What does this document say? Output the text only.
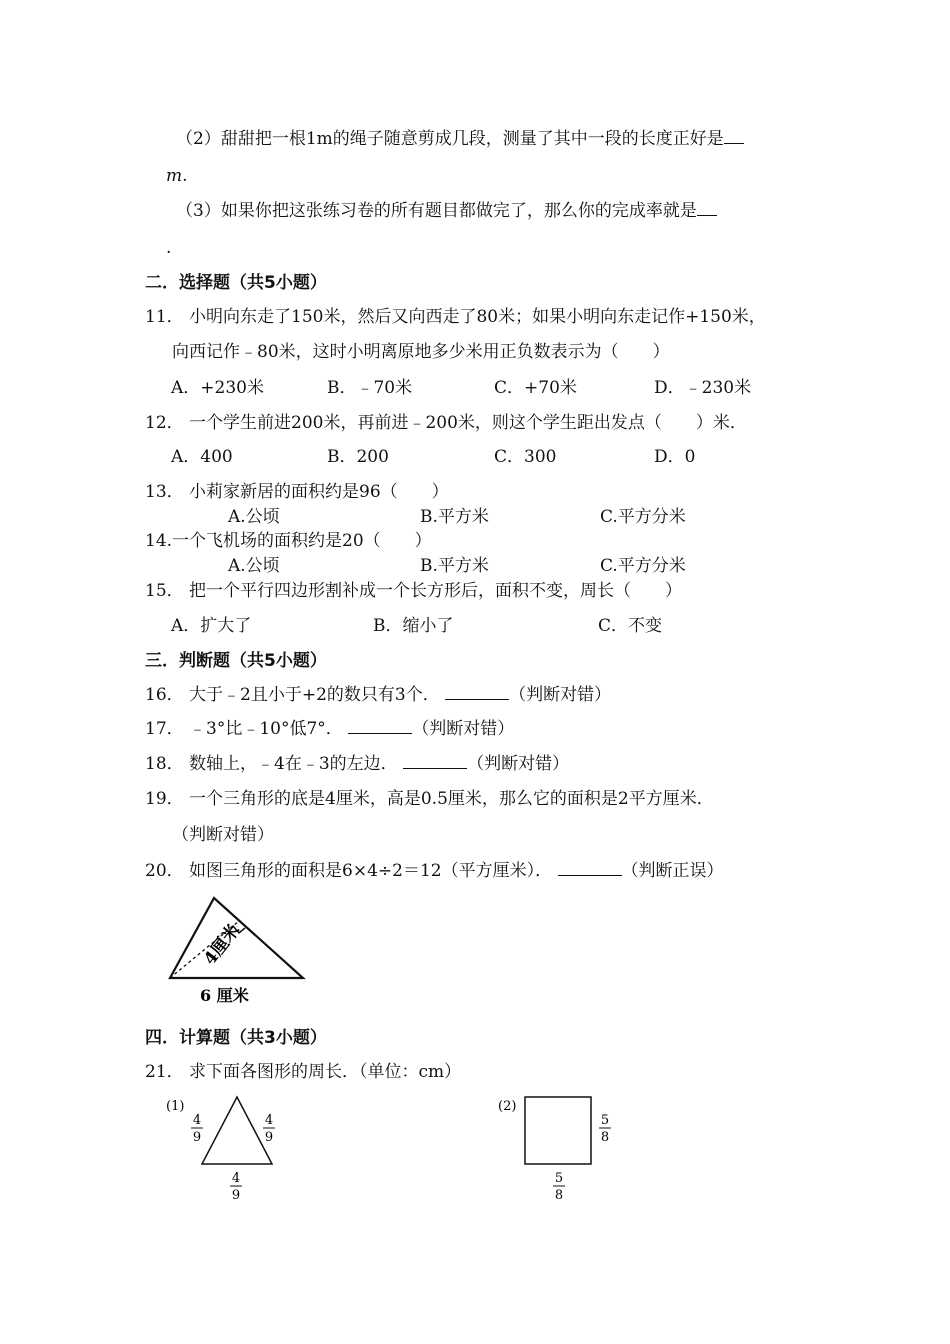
（2）甜甜把一根1m的绳子随意剪成几段，测量了其中一段的长度正好是
m.
（3）如果你把这张练习卷的所有题目都做完了，那么你的完成率就是
.
二．选择题（共5小题）
11． 小明向东走了150米，然后又向西走了80米；如果小明向东走记作+150米，
向西记作﹣80米，这时小明离原地多少米用正负数表示为（　　）
A．+230米	B．﹣70米	C．+70米	D．﹣230米
12． 一个学生前进200米，再前进﹣200米，则这个学生距出发点（　　）米．
A．400	B．200	C．300	D．0
13． 小莉家新居的面积约是96（　　）
A.公顷	B.平方米	C.平方分米
14.一个飞机场的面积约是20（　　）
A.公顷	B.平方米	C.平方分米
15． 把一个平行四边形割补成一个长方形后，面积不变，周长（　　）
A．扩大了	B．缩小了	C．不变
三．判断题（共5小题）
16． 大于﹣2且小于+2的数只有3个．	（判断对错）
17． ﹣3°比﹣10°低7°．	（判断对错）
18． 数轴上，﹣4在﹣3的左边．	（判断对错）
19． 一个三角形的底是4厘米，高是0.5厘米，那么它的面积是2平方厘米．
（判断对错）
20． 如图三角形的面积是6×4÷2＝12（平方厘米）．	（判断正误）
4厘米
6 厘米
四．计算题（共3小题）
21． 求下面各图形的周长．（单位：cm）
(1)
4
9
4
9
4
9
(2)
5
8
5
8
